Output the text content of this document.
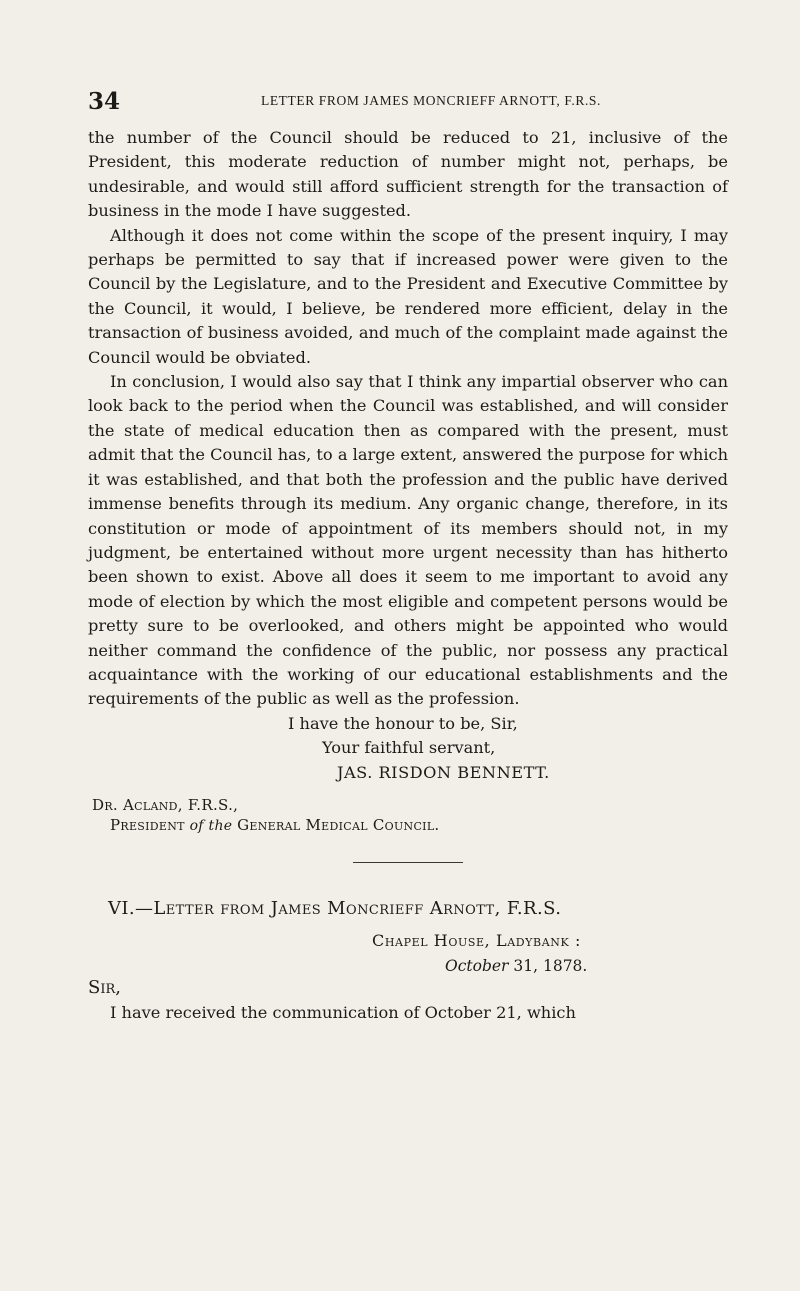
34	LETTER FROM JAMES MONCRIEFF ARNOTT, F.R.S.

the number of the Council should be reduced to 21, inclusive of the President, this moderate reduction of number might not, perhaps, be undesirable, and would still afford sufficient strength for the transaction of business in the mode I have suggested.

Although it does not come within the scope of the present inquiry, I may perhaps be permitted to say that if increased power were given to the Council by the Legislature, and to the President and Executive Committee by the Council, it would, I believe, be rendered more efficient, delay in the transaction of business avoided, and much of the complaint made against the Council would be obviated.

In conclusion, I would also say that I think any impartial observer who can look back to the period when the Council was established, and will consider the state of medical education then as compared with the present, must admit that the Council has, to a large extent, answered the purpose for which it was established, and that both the profession and the public have derived immense benefits through its medium. Any organic change, therefore, in its constitution or mode of appointment of its members should not, in my judgment, be entertained without more urgent necessity than has hitherto been shown to exist. Above all does it seem to me important to avoid any mode of election by which the most eligible and competent persons would be pretty sure to be overlooked, and others might be appointed who would neither command the confidence of the public, nor possess any practical acquaintance with the working of our educational establishments and the requirements of the public as well as the profession.

I have the honour to be, Sir,
Your faithful servant,
JAS. RISDON BENNETT.
Dr. Acland, F.R.S.,
President of the General Medical Council.
VI.—Letter from James Moncrieff Arnott, F.R.S.
Chapel House, Ladybank :
October 31, 1878.
Sir,

I have received the communication of October 21, which
